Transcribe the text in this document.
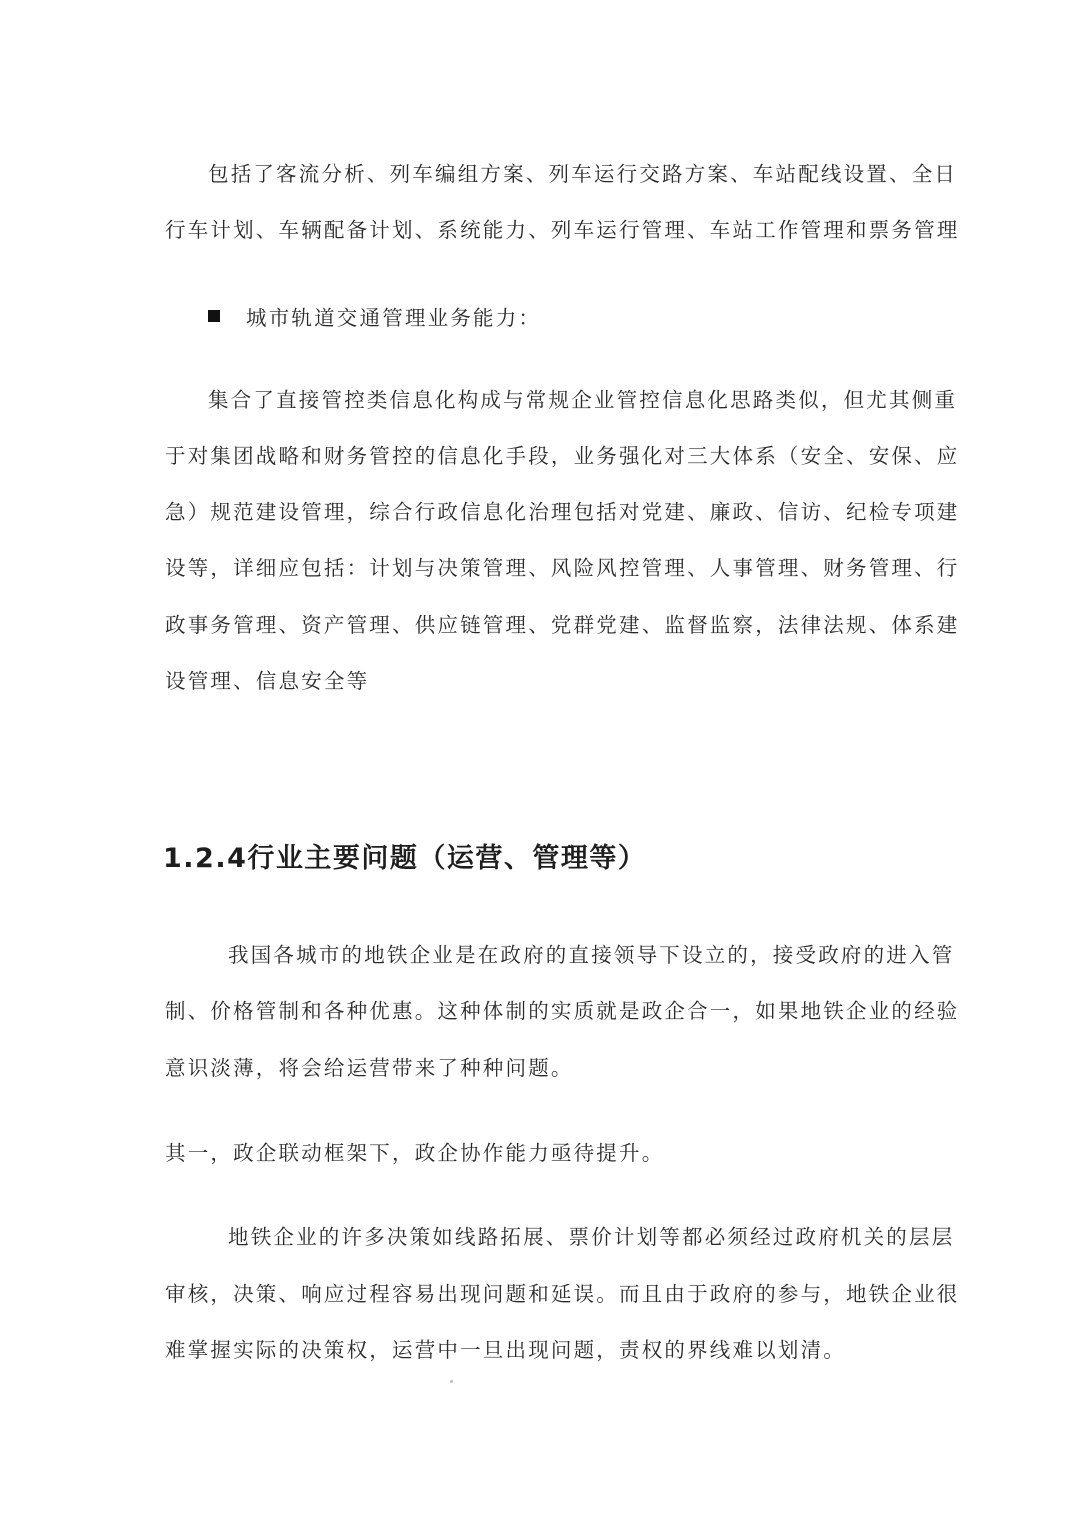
包括了客流分析、列车编组方案、列车运行交路方案、车站配线设置、全日
行车计划、车辆配备计划、系统能力、列车运行管理、车站工作管理和票务管理
城市轨道交通管理业务能力：
集合了直接管控类信息化构成与常规企业管控信息化思路类似，但尤其侧重
于对集团战略和财务管控的信息化手段，业务强化对三大体系（安全、安保、应
急）规范建设管理，综合行政信息化治理包括对党建、廉政、信访、纪检专项建
设等，详细应包括：计划与决策管理、风险风控管理、人事管理、财务管理、行
政事务管理、资产管理、供应链管理、党群党建、监督监察，法律法规、体系建
设管理、信息安全等
1.2.4行业主要问题（运营、管理等）
我国各城市的地铁企业是在政府的直接领导下设立的，接受政府的进入管
制、价格管制和各种优惠。这种体制的实质就是政企合一，如果地铁企业的经验
意识淡薄，将会给运营带来了种种问题。
其一，政企联动框架下，政企协作能力亟待提升。
地铁企业的许多决策如线路拓展、票价计划等都必须经过政府机关的层层
审核，决策、响应过程容易出现问题和延误。而且由于政府的参与，地铁企业很
难掌握实际的决策权，运营中一旦出现问题，责权的界线难以划清。
